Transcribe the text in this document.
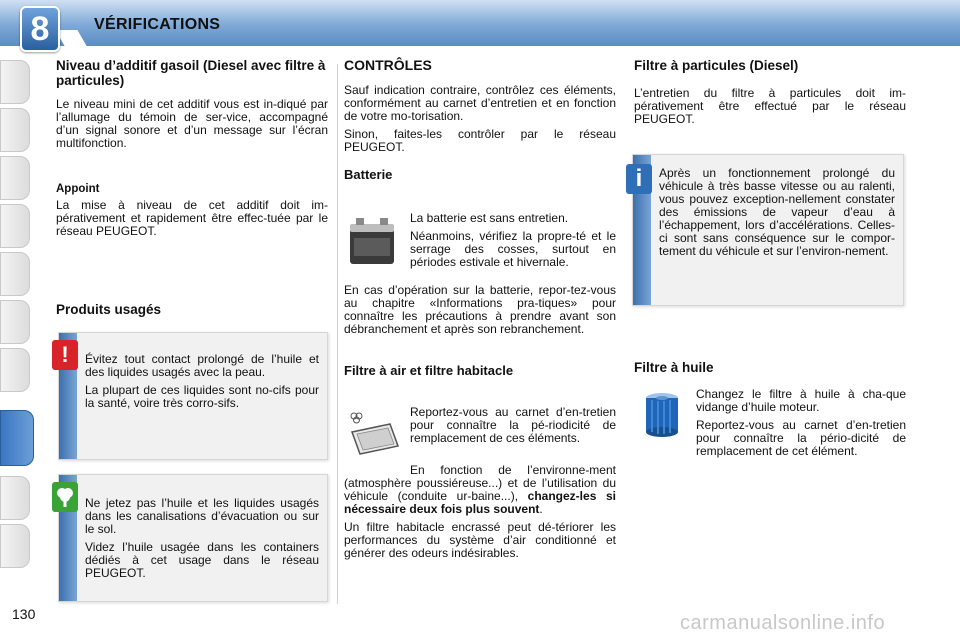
8	VÉRIFICATIONS
Niveau d’additif gasoil (Diesel avec filtre à particules)

Le niveau mini de cet additif vous est in-diqué par l’allumage du témoin de ser-vice, accompagné d’un signal sonore et d’un message sur l’écran multifonction.

Appoint

La mise à niveau de cet additif doit im-pérativement et rapidement être effec-tuée par le réseau PEUGEOT.

Produits usagés

Évitez tout contact prolongé de l’huile et des liquides usagés avec la peau.

La plupart de ces liquides sont no-cifs pour la santé, voire très corro-sifs.

!

Ne jetez pas l’huile et les liquides usagés dans les canalisations d’évacuation ou sur le sol.

Videz l’huile usagée dans les containers dédiés à cet usage dans le réseau PEUGEOT.

CONTRÔLES

Sauf indication contraire, contrôlez ces éléments, conformément au carnet d’entretien et en fonction de votre mo-torisation.

Sinon, faites-les contrôler par le réseau PEUGEOT.

Batterie

La batterie est sans entretien.

Néanmoins, vérifiez la propre-té et le serrage des cosses, surtout en périodes estivale et hivernale.

En cas d’opération sur la batterie, repor-tez-vous au chapitre «Informations pra-tiques» pour connaître les précautions à prendre avant son débranchement et après son rebranchement.

Filtre à air et filtre habitacle

Reportez-vous au carnet d’en-tretien pour connaître la pé-riodicité de remplacement de ces éléments.

En fonction de l’environne-ment (atmosphère poussiéreuse...) et de l’utilisation du véhicule (conduite ur-baine...), changez-les si nécessaire deux fois plus souvent.

Un filtre habitacle encrassé peut dé-tériorer les performances du système d’air conditionné et générer des odeurs indésirables.

Filtre à particules (Diesel)

L’entretien du filtre à particules doit im-pérativement être effectué par le réseau PEUGEOT.

Après un fonctionnement prolongé du véhicule à très basse vitesse ou au ralenti, vous pouvez exception-nellement constater des émissions de vapeur d’eau à l’échappement, lors d’accélérations. Celles-ci sont sans conséquence sur le compor-tement du véhicule et sur l’environ-nement.

i
Filtre à huile

Changez le filtre à huile à cha-que vidange d’huile moteur.

Reportez-vous au carnet d’en-tretien pour connaître la pério-dicité de remplacement de cet élément.

130	carmanualsonline.info
